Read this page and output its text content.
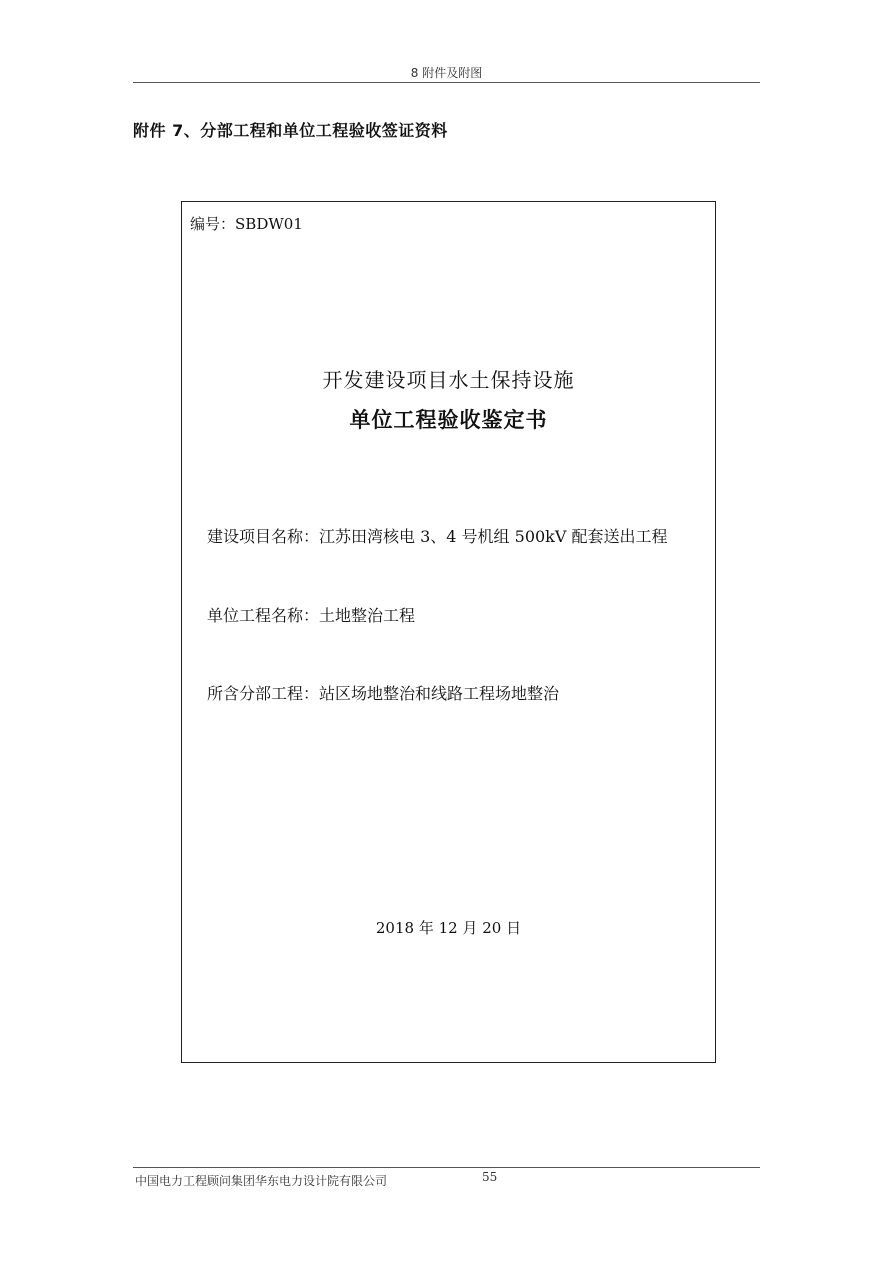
8 附件及附图
附件 7、分部工程和单位工程验收签证资料
编号：SBDW01
开发建设项目水土保持设施
单位工程验收鉴定书
建设项目名称：江苏田湾核电 3、4 号机组 500kV 配套送出工程
单位工程名称：土地整治工程
所含分部工程：站区场地整治和线路工程场地整治
2018 年 12 月 20 日
中国电力工程顾问集团华东电力设计院有限公司	55
